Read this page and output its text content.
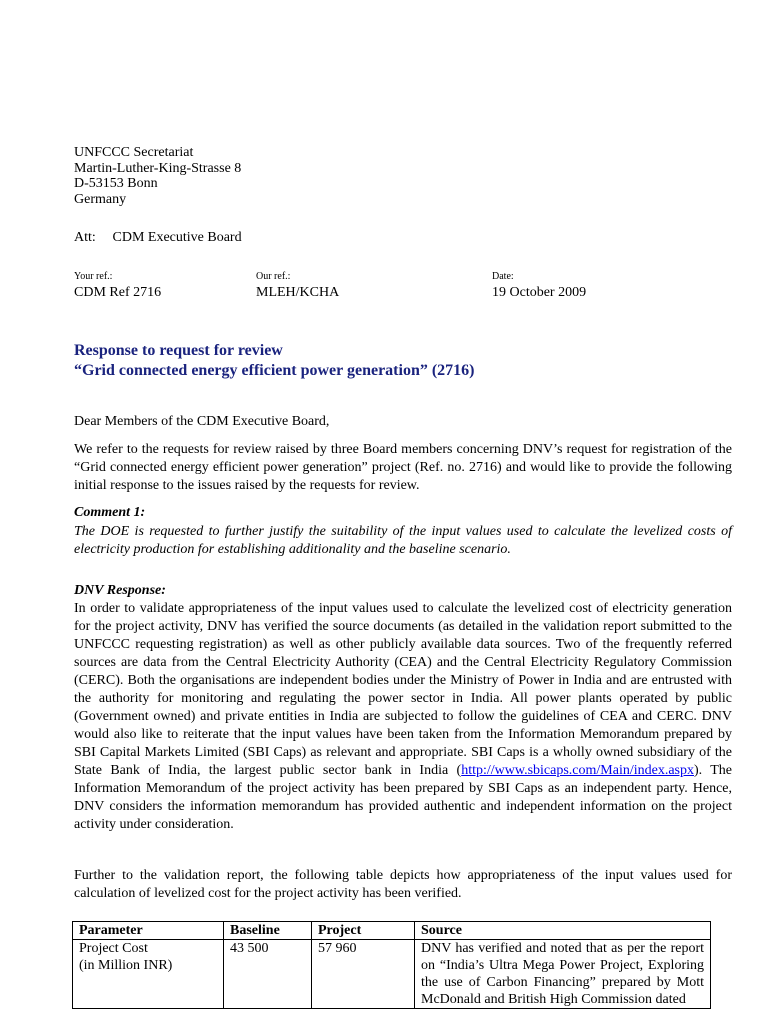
UNFCCC Secretariat
Martin-Luther-King-Strasse 8
D-53153 Bonn
Germany
Att: CDM Executive Board
Your ref.:	Our ref.:	Date:
CDM Ref 2716	MLEH/KCHA	19 October 2009
Response to request for review
“Grid connected energy efficient power generation” (2716)
Dear Members of the CDM Executive Board,
We refer to the requests for review raised by three Board members concerning DNV’s request for registration of the “Grid connected energy efficient power generation” project (Ref. no. 2716) and would like to provide the following initial response to the issues raised by the requests for review.
Comment 1:
The DOE is requested to further justify the suitability of the input values used to calculate the levelized costs of electricity production for establishing additionality and the baseline scenario.
DNV Response:
In order to validate appropriateness of the input values used to calculate the levelized cost of electricity generation for the project activity, DNV has verified the source documents (as detailed in the validation report submitted to the UNFCCC requesting registration) as well as other publicly available data sources. Two of the frequently referred sources are data from the Central Electricity Authority (CEA) and the Central Electricity Regulatory Commission (CERC). Both the organisations are independent bodies under the Ministry of Power in India and are entrusted with the authority for monitoring and regulating the power sector in India. All power plants operated by public (Government owned) and private entities in India are subjected to follow the guidelines of CEA and CERC. DNV would also like to reiterate that the input values have been taken from the Information Memorandum prepared by SBI Capital Markets Limited (SBI Caps) as relevant and appropriate. SBI Caps is a wholly owned subsidiary of the State Bank of India, the largest public sector bank in India (http://www.sbicaps.com/Main/index.aspx). The Information Memorandum of the project activity has been prepared by SBI Caps as an independent party. Hence, DNV considers the information memorandum has provided authentic and independent information on the project activity under consideration.
Further to the validation report, the following table depicts how appropriateness of the input values used for calculation of levelized cost for the project activity has been verified.
Parameter	Baseline	Project	Source

Project Cost
(in Million INR)	43 500	57 960	DNV has verified and noted that as per the report on “India’s Ultra Mega Power Project, Exploring the use of Carbon Financing” prepared by Mott McDonald and British High Commission dated
